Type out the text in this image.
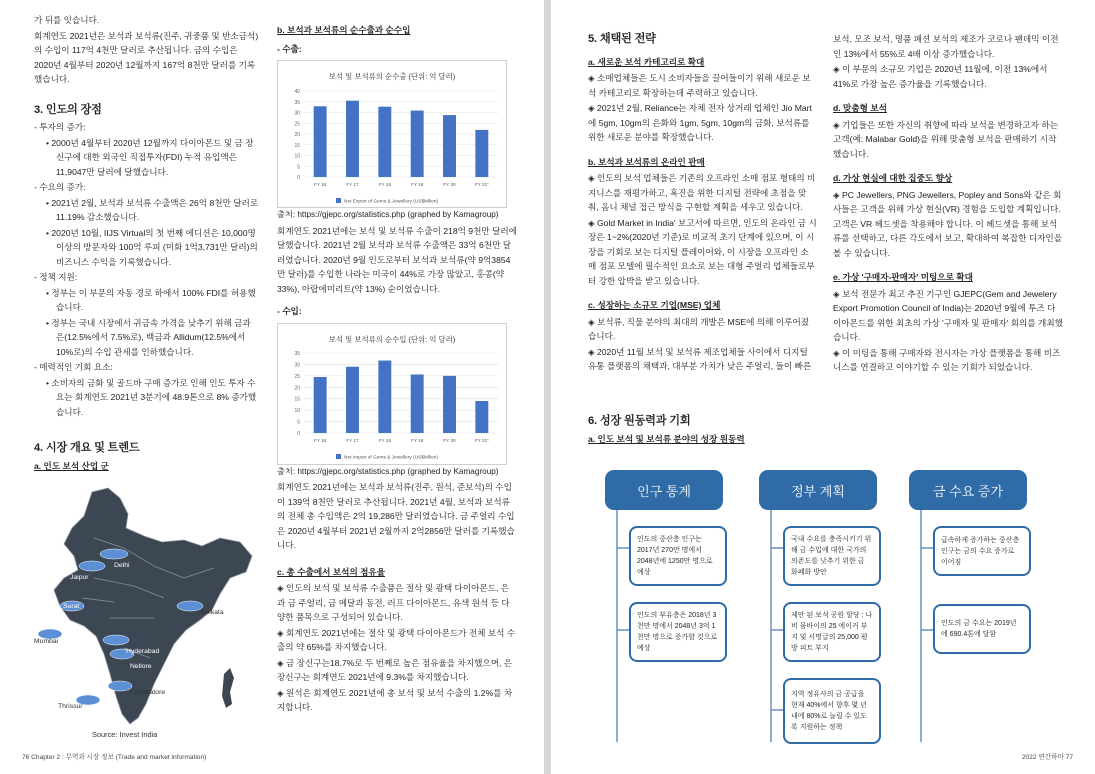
가 뒤를 잇습니다.

회계연도 2021년은 보석과 보석류(진주, 귀중품 및 반소금석)의 수입이 117억 4천만 달러로 추산됩니다. 금의 수입은 2020년 4월부터 2020년 12월까지 167억 8천만 달러를 기록했습니다.

3. 인도의 장점

- 투자의 증가:

• 2000년 4월부터 2020년 12월까지 다이아몬드 및 금 장신구에 대한 외국인 직접투자(FDI) 누적 유입액은 11,9047만 달러에 달했습니다.

- 수요의 증가:

• 2021년 2월, 보석과 보석류 수출액은 26억 8천만 달러로 11.19% 감소했습니다.

• 2020년 10월, IIJS Virtual의 첫 번째 에디션은 10,000명 이상의 방문자와 100억 루피 (미화 1억3,731만 달러)의 비즈니스 수익을 기록했습니다.

- 정책 지원:

• 정부는 이 부문의 자동 경로 하에서 100% FDI를 허용했습니다.

• 정부는 국내 시장에서 귀금속 가격을 낮추기 위해 금과 은(12.5%에서 7.5%로), 백금과 Allidum(12.5%에서 10%로)의 수입 관세를 인하했습니다.

- 매력적인 기회 요소:

• 소비자의 금화 및 골드바 구매 증가로 인해 인도 투자 수요는 회계연도 2021년 3분기에 48.9톤으로 8% 증가했습니다.

4. 시장 개요 및 트렌드
a. 인도 보석 산업 군
Delhi
Jaipur
Surat
Hyderabad
Nellore
Mumbai
Kolkata
Coimbatore
Thrissur
Source: Invest India
b. 보석과 보석류의 순수출과 순수입

- 수출:

보석 및 보석류의 순수출 (단위: 억 달러)
0
5
10
15
20
25
30
35
40
FY 16	FY 17	FY 18	FY 19	FY 20	FY 21*
Net Export of Gems & Jewellery (US$billion)

출처: https://gjepc.org/statistics.php (graphed by Kamagroup)

회계연도 2021년에는 보석 및 보석류 수출이 218억 9천만 달러에 달했습니다. 2021년 2월 보석과 보석류 수출액은 33억 6천만 달러였습니다. 2020년 9월 인도로부터 보석과 보석류(약 9억3854만 달러)를 수입한 나라는 미국이 44%로 가장 많았고, 홍콩(약 33%), 아랍에미리트(약 13%) 순이었습니다.

- 수입:

보석 및 보석류의 순수입 (단위: 억 달러)
0
5
10
15
20
25
30
35
FY 16	FY 17	FY 18	FY 19	FY 20	FY 21*
Net Import of Gems & Jewellery (US$billion)

출처: https://gjepc.org/statistics.php (graphed by Kamagroup)

회계연도 2021년에는 보석과 보석류(진주, 원석, 준보석)의 수입이 139억 8천만 달러로 추산됩니다. 2021년 4월, 보석과 보석류의 전체 총 수입액은 2억 19,286만 달러였습니다. 금 주얼리 수입은 2020년 4월부터 2021년 2월까지 2억2856만 달러를 기록했습니다.

c. 총 수출에서 보석의 점유율

◈ 인도의 보석 및 보석류 수출품은 절삭 및 광택 다이아몬드, 은과 금 주얼리, 금 메달과 동전, 러프 다이아몬드, 유색 원석 등 다양한 품목으로 구성되어 있습니다.

◈ 회계연도 2021년에는 절삭 및 광택 다이아몬드가 전체 보석 수출의 약 65%를 차지했습니다.

◈ 금 장신구는18.7%로 두 번째로 높은 점유율을 차지했으며, 은 장신구는 회계연도 2021년에 9.3%를 차지했습니다.

◈ 원석은 회계연도 2021년에 총 보석 및 보석 수출의 1.2%를 차지합니다.

76 Chapter 2 : 무역과 시장 정보 (Trade and market information)
5. 채택된 전략
a. 새로운 보석 카테고리로 확대

◈ 소매업체들은 도시 소비자들을 끌어들이기 위해 새로운 보석 카테고리로 확장하는데 주력하고 있습니다.

◈ 2021년 2월, Reliance는 자체 전자 상거래 업체인 Jio Mart에 5gm, 10gm의 은화와 1gm, 5gm, 10gm의 금화, 보석류를 위한 새로운 분야를 확장했습니다.

b. 보석과 보석류의 온라인 판매

◈ 인도의 보석 업체들은 기존의 오프라인 소매 점포 형태의 비지니스를 재평가하고, 혹진을 위한 디지털 전략에 초점을 맞춰, 옴니 채널 접근 방식을 구현할 계획을 세우고 있습니다.

◈ Gold Market in India' 보고서에 따르면, 인도의 온라인 금 시장은 1~2%(2020년 기준)로 비교적 초기 단계에 있으며, 이 시장을 기회로 보는 디지털 플레이어와, 이 시장을 오프라인 소매 점포 모델에 필수적인 요소로 보는 대형 주얼리 업체들로부터 강한 압박을 받고 있습니다.

c. 성장하는 소규모 기업(MSE) 업체

◈ 보석류, 직물 분야의 최대의 개발은 MSE에 의해 이루어졌습니다.

◈ 2020년 11월 보석 및 보석류 제조업체들 사이에서 디지털 유통 플랫폼의 채택과, 대부분 가치가 낮은 주얼리, 들이 빠른

6. 성장 원동력과 기회
a. 인도 보석 및 보석류 분야의 성장 원동력

보석, 모조 보석, 명품 패션 보석의 제조가 코로나 팬데믹 이전인 13%에서 55%로 4배 이상 증가했습니다.

◈ 이 부문의 소규모 기업은 2020년 11월에, 이전 13%에서 41%로 가장 높은 증가율을 기록했습니다.

d. 맞춤형 보석

◈ 기업들은 또한 자신의 취향에 따라 보석을 변경하고자 하는 고객(예: Malabar Gold)을 위해 맞춤형 보석을 판매하기 시작했습니다.

d. 가상 현실에 대한 집중도 향상

◈ PC Jewellers, PNG Jewellers, Popley and Sons와 같은 회사들은 고객을 위해 가상 현실(VR) 경험을 도입할 계획입니다. 고객은 VR 헤드셋을 착용해야 합니다. 이 헤드셋을 통해 보석류를 선택하고, 다른 각도에서 보고, 확대하여 복잡한 디자인을 볼 수 있습니다.

e. 가상 '구매자-판매자' 미팅으로 확대

◈ 보석 전문가 최고 추진 기구인 GJEPC(Gem and Jewelery Export Promotion Council of India)는 2020년 9월에 투즈 다이아몬드를 위한 최초의 가상 '구매자 및 판매자' 회의를 개최했습니다.

◈ 이 미팅을 통해 구매자와 전시자는 가상 플랫폼을 통해 비즈니스를 연결하고 이야기할 수 있는 기회가 되었습니다.

2022 연간하마 77
인구 통계	정부 계획	금 수요 증가
인도의 중산층 인구는 2017년 270만 명에서 2048년에 1250만 명으로 예상
인도의 부유층은 2018년 3천만 명에서 2048년 3억 1천만 명으로 증가할 것으로 예상
국내 수요를 충족시키기 위해 금 수입에 대한 국가의 의존도를 낮추기 위한 금 화폐화 방안
제안 된 보석 공원 할당 : 나비 뭄바이의 25 에이커 부지 및 서명글의 25,000 평방 피트 부지
지역 정유사의 금 공급을 현재 40%에서 향후 몇 년 내에 80%로 늘릴 수 있도록 지원하는 정책
급속하게 증가하는 중산층 인구는 금의 수요 증가로 이어짐
인도의 금 수요는 2019년에 690.4톤에 달함
